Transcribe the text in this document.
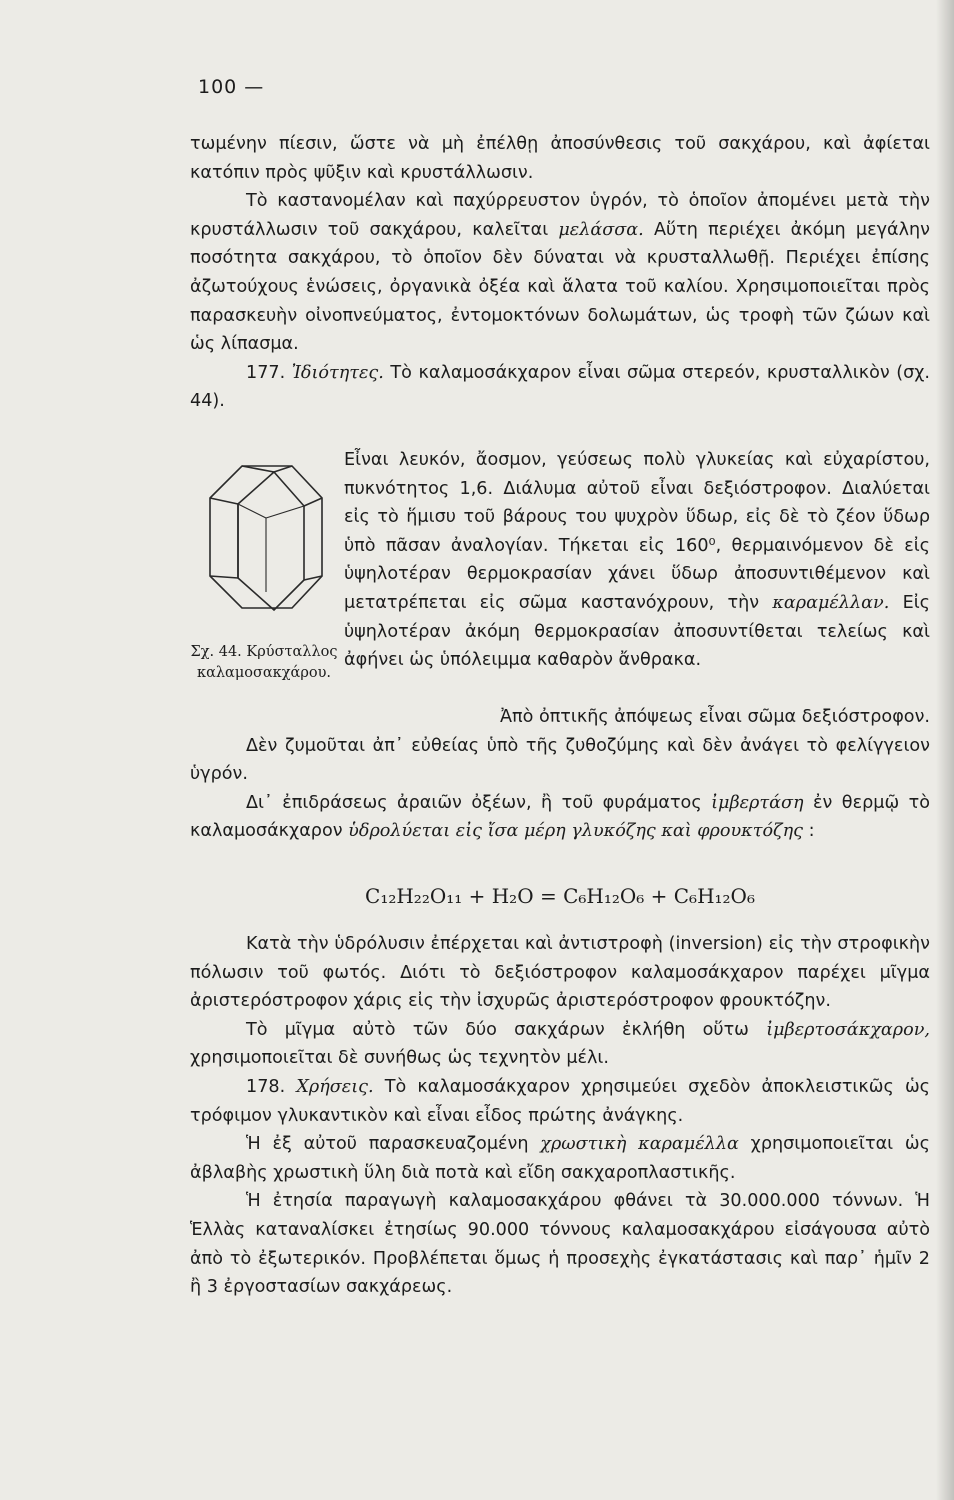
100 —

τωμένην πίεσιν, ὥστε νὰ μὴ ἐπέλθῃ ἀποσύνθεσις τοῦ σακχάρου, καὶ ἀφίεται κατόπιν πρὸς ψῦξιν καὶ κρυστάλλωσιν.

Τὸ καστανομέλαν καὶ παχύρρευστον ὑγρόν, τὸ ὁποῖον ἀπομένει μετὰ τὴν κρυστάλλωσιν τοῦ σακχάρου, καλεῖται μελάσσα. Αὕτη περιέχει ἀκόμη μεγάλην ποσότητα σακχάρου, τὸ ὁποῖον δὲν δύναται νὰ κρυσταλλωθῇ. Περιέχει ἐπίσης ἀζωτούχους ἑνώσεις, ὀργανικὰ ὀξέα καὶ ἅλατα τοῦ καλίου. Χρησιμοποιεῖται πρὸς παρασκευὴν οἰνοπνεύματος, ἐντομοκτόνων δολωμάτων, ὡς τροφὴ τῶν ζώων καὶ ὡς λίπασμα.

177. Ἰδιότητες. Τὸ καλαμοσάκχαρον εἶναι σῶμα στερεόν, κρυσταλλικὸν (σχ. 44).

Σχ. 44. Κρύσταλλος καλαμοσακχάρου.
Εἶναι λευκόν, ἄοσμον, γεύσεως πολὺ γλυκείας καὶ εὐχαρίστου, πυκνότητος 1,6. Διάλυμα αὐτοῦ εἶναι δεξιόστροφον. Διαλύεται εἰς τὸ ἥμισυ τοῦ βάρους του ψυχρὸν ὕδωρ, εἰς δὲ τὸ ζέον ὕδωρ ὑπὸ πᾶσαν ἀναλογίαν. Τήκεται εἰς 160⁰, θερμαινόμενον δὲ εἰς ὑψηλοτέραν θερμοκρασίαν χάνει ὕδωρ ἀποσυντιθέμενον καὶ μετατρέπεται εἰς σῶμα καστανόχρουν, τὴν καραμέλλαν. Εἰς ὑψηλοτέραν ἀκόμη θερμοκρασίαν ἀποσυντίθεται τελείως καὶ ἀφήνει ὡς ὑπόλειμμα καθαρὸν ἄνθρακα.

Ἀπὸ ὀπτικῆς ἀπόψεως εἶναι σῶμα δεξιόστροφον.

Δὲν ζυμοῦται ἀπ᾿ εὐθείας ὑπὸ τῆς ζυθοζύμης καὶ δὲν ἀνάγει τὸ φελίγγειον ὑγρόν.

Δι᾿ ἐπιδράσεως ἀραιῶν ὀξέων, ἢ τοῦ φυράματος ἰμβερτάση ἐν θερμῷ τὸ καλαμοσάκχαρον ὑδρολύεται εἰς ἴσα μέρη γλυκόζης καὶ φρουκτόζης :

C₁₂H₂₂O₁₁ + H₂O = C₆H₁₂O₆ + C₆H₁₂O₆

Κατὰ τὴν ὑδρόλυσιν ἐπέρχεται καὶ ἀντιστροφὴ (inversion) εἰς τὴν στροφικὴν πόλωσιν τοῦ φωτός. Διότι τὸ δεξιόστροφον καλαμοσάκχαρον παρέχει μῖγμα ἀριστερόστροφον χάρις εἰς τὴν ἰσχυρῶς ἀριστερόστροφον φρουκτόζην.

Τὸ μῖγμα αὐτὸ τῶν δύο σακχάρων ἐκλήθη οὕτω ἰμβερτοσάκχαρον, χρησιμοποιεῖται δὲ συνήθως ὡς τεχνητὸν μέλι.

178. Χρήσεις. Τὸ καλαμοσάκχαρον χρησιμεύει σχεδὸν ἀποκλειστικῶς ὡς τρόφιμον γλυκαντικὸν καὶ εἶναι εἶδος πρώτης ἀνάγκης.

Ἡ ἐξ αὐτοῦ παρασκευαζομένη χρωστικὴ καραμέλλα χρησιμοποιεῖται ὡς ἀβλαβὴς χρωστικὴ ὕλη διὰ ποτὰ καὶ εἴδη σακχαροπλαστικῆς.

Ἡ ἐτησία παραγωγὴ καλαμοσακχάρου φθάνει τὰ 30.000.000 τόννων. Ἡ Ἑλλὰς καταναλίσκει ἐτησίως 90.000 τόννους καλαμοσακχάρου εἰσάγουσα αὐτὸ ἀπὸ τὸ ἐξωτερικόν. Προβλέπεται ὅμως ἡ προσεχὴς ἐγκατάστασις καὶ παρ᾿ ἡμῖν 2 ἢ 3 ἐργοστασίων σακχάρεως.
